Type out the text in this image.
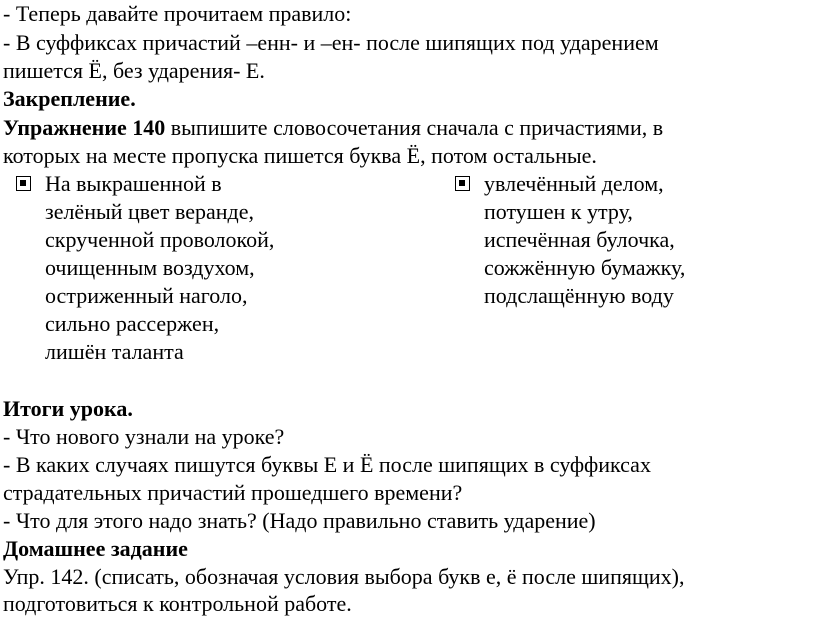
- Теперь давайте прочитаем правило:
- В суффиксах причастий –енн- и –ен- после шипящих под ударением
пишется Ё, без ударения- Е.
Закрепление.
Упражнение 140 выпишите словосочетания сначала с причастиями, в
которых на месте пропуска пишется буква Ё, потом остальные.
На выкрашенной в
зелёный цвет веранде,
скрученной проволокой,
очищенным воздухом,
остриженный наголо,
сильно рассержен,
лишён таланта
увлечённый делом,
потушен к утру,
испечённая булочка,
сожжённую бумажку,
подслащённую воду
Итоги урока.
- Что нового узнали на уроке?
- В каких случаях пишутся буквы Е и Ё после шипящих в суффиксах
страдательных причастий прошедшего времени?
- Что для этого надо знать? (Надо правильно ставить ударение)
Домашнее задание
Упр. 142. (списать, обозначая условия выбора букв е, ё после шипящих),
подготовиться к контрольной работе.
